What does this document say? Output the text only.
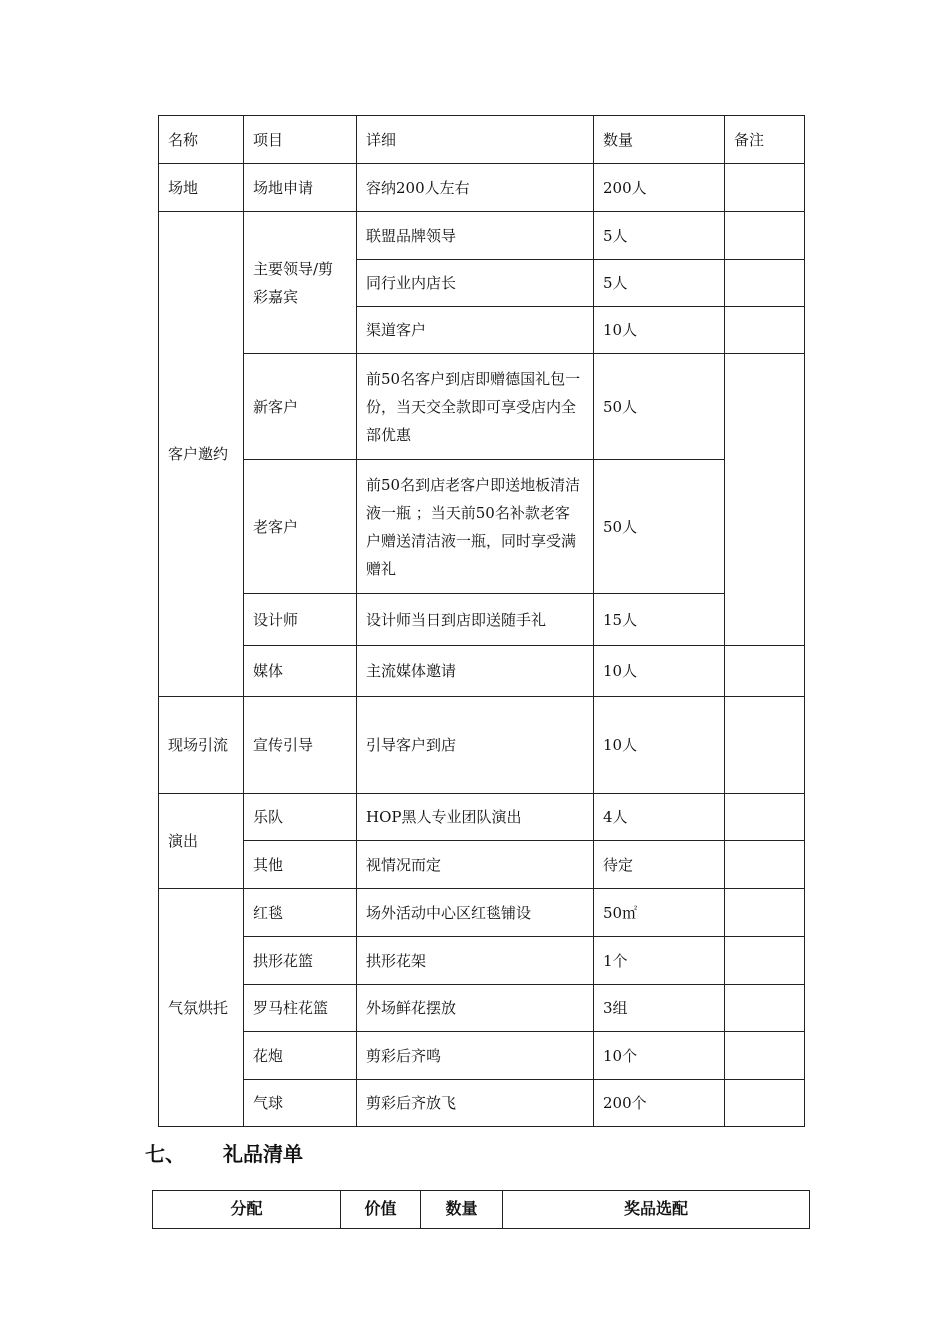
名称	项目	详细	数量	备注
场地	场地申请	容纳200人左右	200人	
客户邀约	主要领导/剪彩嘉宾	联盟品牌领导	5人	
		同行业内店长	5人	
		渠道客户	10人	
	新客户	前50名客户到店即赠德国礼包一份，当天交全款即可享受店内全部优惠	50人	
	老客户	前50名到店老客户即送地板清洁液一瓶 ；当天前50名补款老客户赠送清洁液一瓶，同时享受满赠礼	50人	
	设计师	设计师当日到店即送随手礼	15人	
	媒体	主流媒体邀请	10人	
现场引流	宣传引导	引导客户到店	10人	
演出	乐队	HOP黑人专业团队演出	4人	
	其他	视情况而定	待定	
气氛烘托	红毯	场外活动中心区红毯铺设	50㎡	
	拱形花篮	拱形花架	1个	
	罗马柱花篮	外场鲜花摆放	3组	
	花炮	剪彩后齐鸣	10个	
	气球	剪彩后齐放飞	200个	
七、 礼品清单
分配	价值	数量	奖品选配
